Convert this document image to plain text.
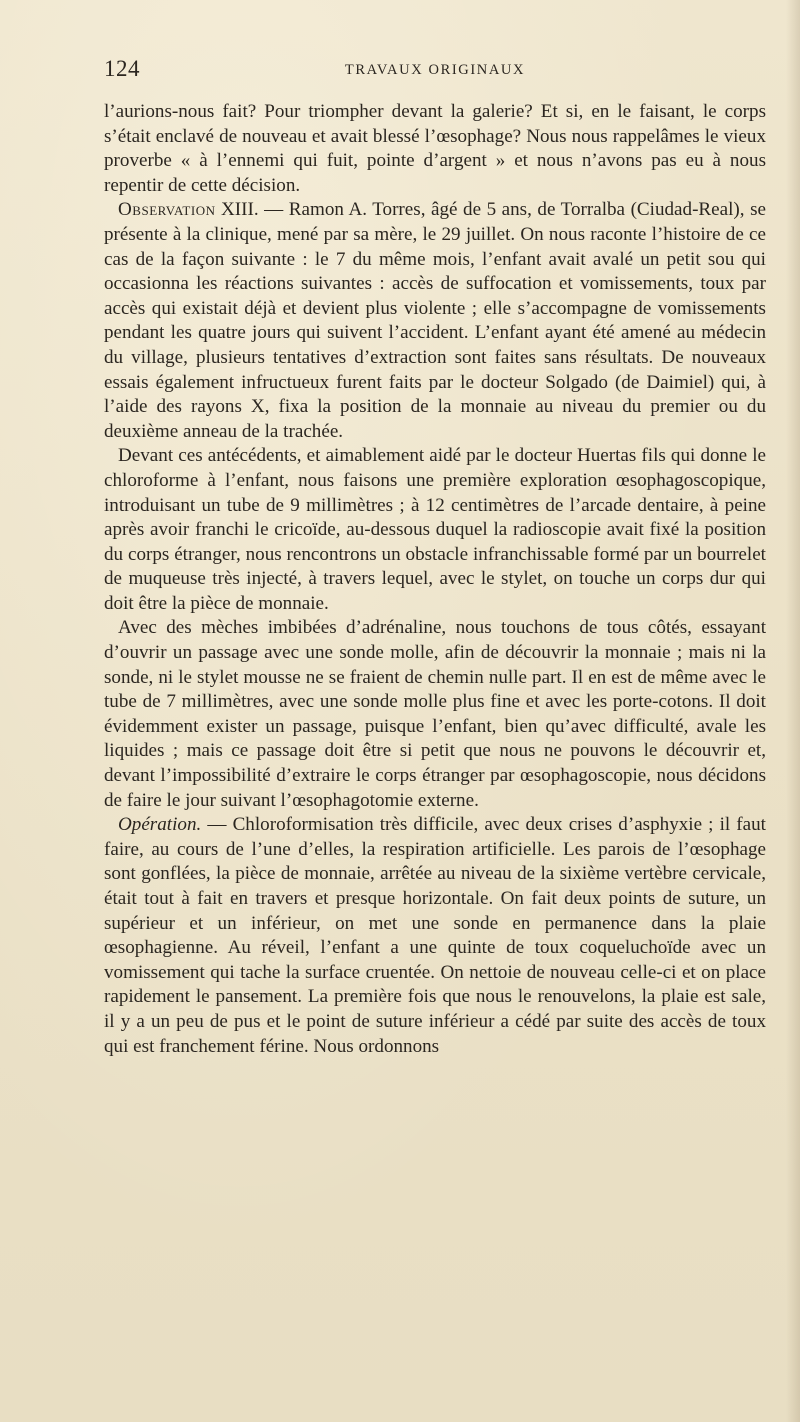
124	TRAVAUX ORIGINAUX

l’aurions-nous fait? Pour triompher devant la galerie? Et si, en le faisant, le corps s’était enclavé de nouveau et avait blessé l’œsophage? Nous nous rappelâmes le vieux proverbe « à l’ennemi qui fuit, pointe d’argent » et nous n’avons pas eu à nous repentir de cette décision.

Observation XIII. — Ramon A. Torres, âgé de 5 ans, de Torralba (Ciudad-Real), se présente à la clinique, mené par sa mère, le 29 juillet. On nous raconte l’histoire de ce cas de la façon suivante : le 7 du même mois, l’enfant avait avalé un petit sou qui occasionna les réactions suivantes : accès de suffocation et vomissements, toux par accès qui existait déjà et devient plus violente ; elle s’accompagne de vomissements pendant les quatre jours qui suivent l’accident. L’enfant ayant été amené au médecin du village, plusieurs tentatives d’extraction sont faites sans résultats. De nouveaux essais également infructueux furent faits par le docteur Solgado (de Daimiel) qui, à l’aide des rayons X, fixa la position de la monnaie au niveau du premier ou du deuxième anneau de la trachée.

Devant ces antécédents, et aimablement aidé par le docteur Huertas fils qui donne le chloroforme à l’enfant, nous faisons une première exploration œsophagoscopique, introduisant un tube de 9 millimètres ; à 12 centimètres de l’arcade dentaire, à peine après avoir franchi le cricoïde, au-dessous duquel la radioscopie avait fixé la position du corps étranger, nous rencontrons un obstacle infranchissable formé par un bourrelet de muqueuse très injecté, à travers lequel, avec le stylet, on touche un corps dur qui doit être la pièce de monnaie.

Avec des mèches imbibées d’adrénaline, nous touchons de tous côtés, essayant d’ouvrir un passage avec une sonde molle, afin de découvrir la monnaie ; mais ni la sonde, ni le stylet mousse ne se fraient de chemin nulle part. Il en est de même avec le tube de 7 millimètres, avec une sonde molle plus fine et avec les porte-cotons. Il doit évidemment exister un passage, puisque l’enfant, bien qu’avec difficulté, avale les liquides ; mais ce passage doit être si petit que nous ne pouvons le découvrir et, devant l’impossibilité d’extraire le corps étranger par œsophagoscopie, nous décidons de faire le jour suivant l’œsophagotomie externe.

Opération. — Chloroformisation très difficile, avec deux crises d’asphyxie ; il faut faire, au cours de l’une d’elles, la respiration artificielle. Les parois de l’œsophage sont gonflées, la pièce de monnaie, arrêtée au niveau de la sixième vertèbre cervicale, était tout à fait en travers et presque horizontale. On fait deux points de suture, un supérieur et un inférieur, on met une sonde en permanence dans la plaie œsophagienne. Au réveil, l’enfant a une quinte de toux coqueluchoïde avec un vomissement qui tache la surface cruentée. On nettoie de nouveau celle-ci et on place rapidement le pansement. La première fois que nous le renouvelons, la plaie est sale, il y a un peu de pus et le point de suture inférieur a cédé par suite des accès de toux qui est franchement férine. Nous ordonnons
